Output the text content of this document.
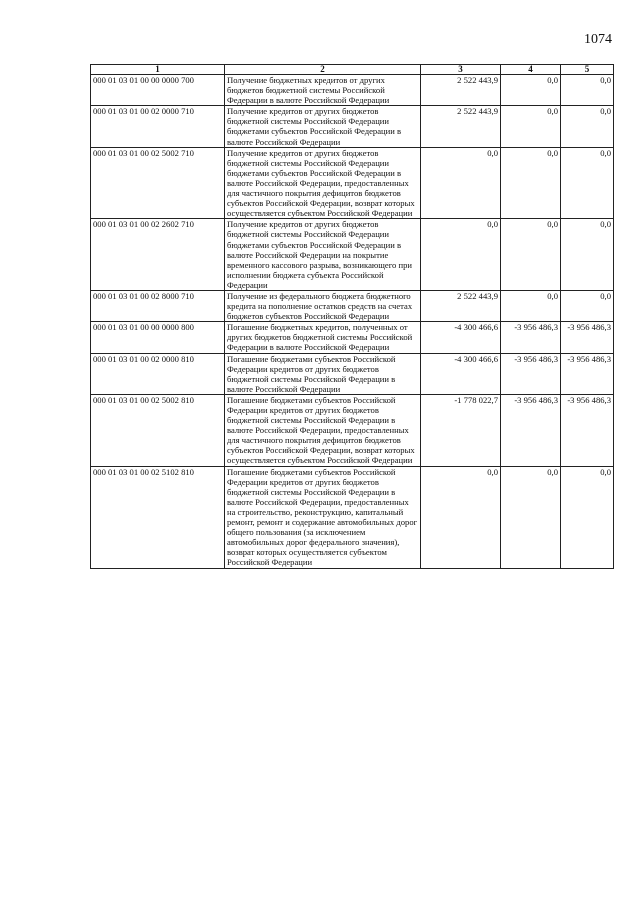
1074
1	2	3	4	5
000 01 03 01 00 00 0000 700	Получение бюджетных кредитов от других бюджетов бюджетной системы Российской Федерации в валюте Российской Федерации	2 522 443,9	0,0	0,0
000 01 03 01 00 02 0000 710	Получение кредитов от других бюджетов бюджетной системы Российской Федерации бюджетами субъектов Российской Федерации в валюте Российской Федерации	2 522 443,9	0,0	0,0
000 01 03 01 00 02 5002 710	Получение кредитов от других бюджетов бюджетной системы Российской Федерации бюджетами субъектов Российской Федерации в валюте Российской Федерации, предоставленных для частичного покрытия дефицитов бюджетов субъектов Российской Федерации, возврат которых осуществляется субъектом Российской Федерации	0,0	0,0	0,0
000 01 03 01 00 02 2602 710	Получение кредитов от других бюджетов бюджетной системы Российской Федерации бюджетами субъектов Российской Федерации в валюте Российской Федерации на покрытие временного кассового разрыва, возникающего при исполнении бюджета субъекта Российской Федерации	0,0	0,0	0,0
000 01 03 01 00 02 8000 710	Получение из федерального бюджета бюджетного кредита на пополнение остатков средств на счетах бюджетов субъектов Российской Федерации	2 522 443,9	0,0	0,0
000 01 03 01 00 00 0000 800	Погашение бюджетных кредитов, полученных от других бюджетов бюджетной системы Российской Федерации в валюте Российской Федерации	-4 300 466,6	-3 956 486,3	-3 956 486,3
000 01 03 01 00 02 0000 810	Погашение бюджетами субъектов Российской Федерации кредитов от других бюджетов бюджетной системы Российской Федерации в валюте Российской Федерации	-4 300 466,6	-3 956 486,3	-3 956 486,3
000 01 03 01 00 02 5002 810	Погашение бюджетами субъектов Российской Федерации кредитов от других бюджетов бюджетной системы Российской Федерации в валюте Российской Федерации, предоставленных для частичного покрытия дефицитов бюджетов субъектов Российской Федерации, возврат которых осуществляется субъектом Российской Федерации	-1 778 022,7	-3 956 486,3	-3 956 486,3
000 01 03 01 00 02 5102 810	Погашение бюджетами субъектов Российской Федерации кредитов от других бюджетов бюджетной системы Российской Федерации в валюте Российской Федерации, предоставленных на строительство, реконструкцию, капитальный ремонт, ремонт и содержание автомобильных дорог общего пользования (за исключением автомобильных дорог федерального значения), возврат которых осуществляется субъектом Российской Федерации	0,0	0,0	0,0
